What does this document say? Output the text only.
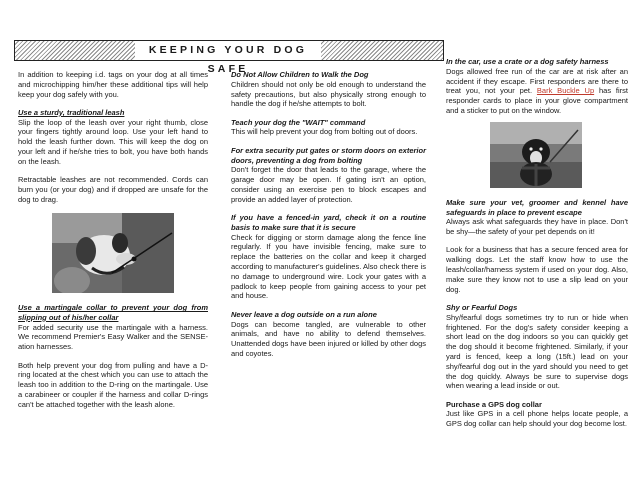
KEEPING YOUR DOG SAFE

In addition to keeping i.d. tags on your dog at all times and microchipping him/her these additional tips will help keep your dog safely with you.

Use a sturdy, traditional leash
Slip the loop of the leash over your right thumb, close your fingers tightly around loop. Use your left hand to hold the leash further down. This will keep the dog on your left and if he/she tries to bolt, you have both hands on the leash.

Retractable leashes are not recommended. Cords can burn you (or your dog) and if dropped are unsafe for the dog to drag.

Use a martingale collar to prevent your dog from slipping out of his/her collar
For added security use the martingale with a harness. We recommend Premier's Easy Walker and the SENSE-ation harnesses.

Both help prevent your dog from pulling and have a D-ring located at the chest which you can use to attach the leash too in addition to the D-ring on the martingale. Use a carabineer or coupler if the harness and collar D-rings can't be attached together with the leash alone.

Do Not Allow Children to Walk the Dog
Children should not only be old enough to understand the safety precautions, but also physically strong enough to handle the dog if he/she attempts to bolt.

Teach your dog the "WAIT" command
This will help prevent your dog from bolting out of doors.

For extra security put gates or storm doors on exterior doors, preventing a dog from bolting
Don't forget the door that leads to the garage, where the garage door may be open. If gating isn't an option, consider using an exercise pen to block escapes and provide an added layer of protection.

If you have a fenced-in yard, check it on a routine basis to make sure that it is secure
Check for digging or storm damage along the fence line regularly. If you have invisible fencing, make sure to replace the batteries on the collar and keep it charged according to manufacturer's guidelines. Also check there is no damage to underground wire. Lock your gates with a padlock to keep people from gaining access to your pet and house.

Never leave a dog outside on a run alone
Dogs can become tangled, are vulnerable to other animals, and have no ability to defend themselves. Unattended dogs have been injured or killed by other dogs and coyotes.

In the car, use a crate or a dog safety harness
Dogs allowed free run of the car are at risk after an accident if they escape. First responders are there to treat you, not your pet. Bark Buckle Up has first responder cards to place in your glove compartment and a sticker to put on the window.

Make sure your vet, groomer and kennel have safeguards in place to prevent escape
Always ask what safeguards they have in place. Don't be shy—the safety of your pet depends on it!

Look for a business that has a secure fenced area for walking dogs. Let the staff know how to use the leash/collar/harness system if used on your dog. Also, make sure they know not to use a slip lead on your dog.

Shy or Fearful Dogs
Shy/fearful dogs sometimes try to run or hide when frightened. For the dog's safety consider keeping a short lead on the dog indoors so you can quickly get the dog should it become frightened. Similarly, if your yard is fenced, keep a long (15ft.) lead on your shy/fearful dog out in the yard should you need to get the dog quickly. Always be sure to supervise dogs when wearing a lead inside or out.

Purchase a GPS dog collar
Just like GPS in a cell phone helps locate people, a GPS dog collar can help should your dog become lost.
